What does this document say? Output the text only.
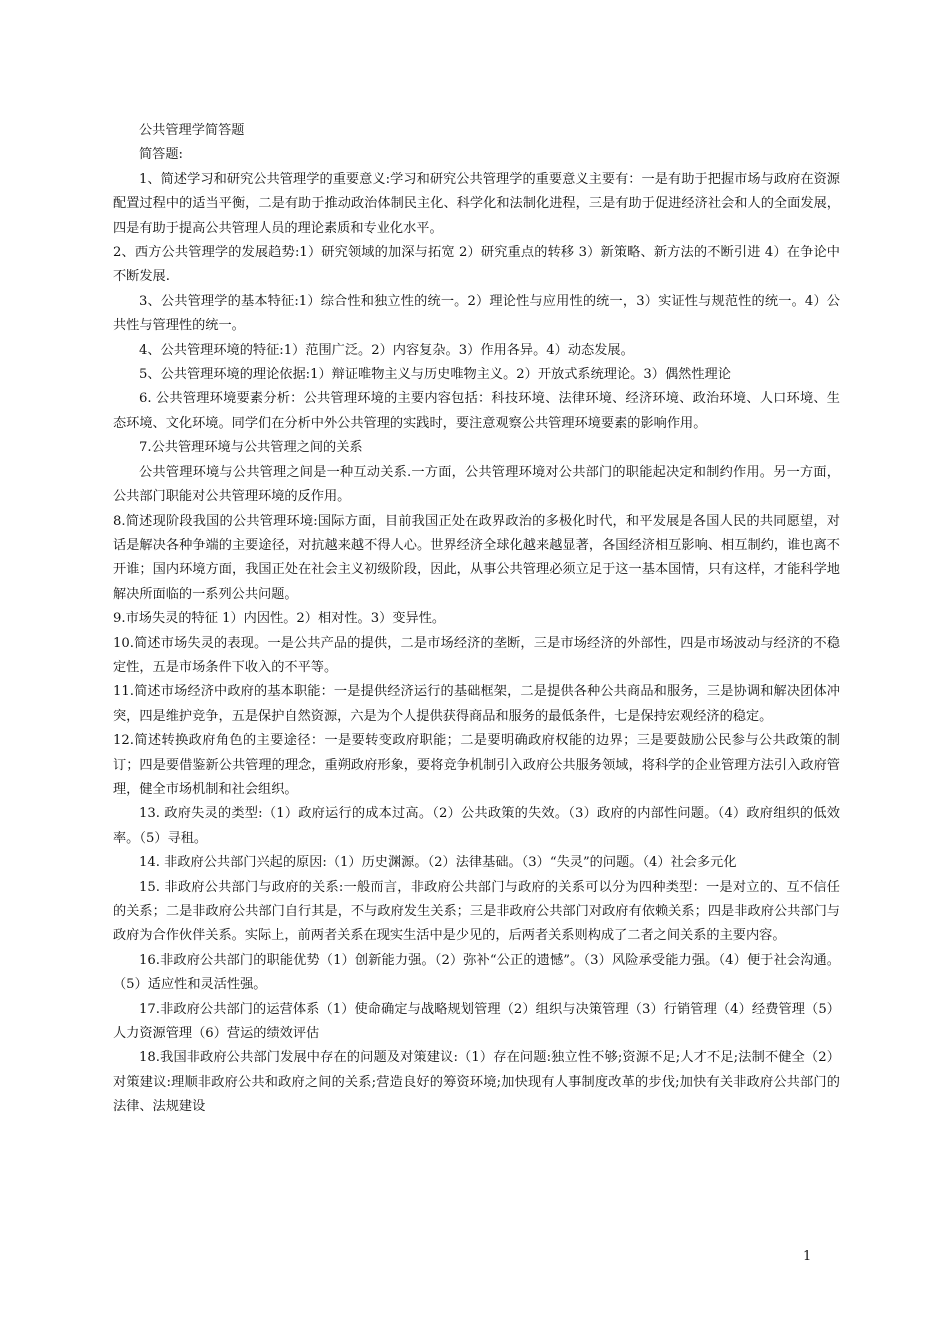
公共管理学简答题

简答题:

1、简述学习和研究公共管理学的重要意义:学习和研究公共管理学的重要意义主要有：一是有助于把握市场与政府在资源配置过程中的适当平衡，二是有助于推动政治体制民主化、科学化和法制化进程，三是有助于促进经济社会和人的全面发展，四是有助于提高公共管理人员的理论素质和专业化水平。

2、西方公共管理学的发展趋势:1）研究领域的加深与拓宽 2）研究重点的转移 3）新策略、新方法的不断引进 4）在争论中不断发展.

3、公共管理学的基本特征:1）综合性和独立性的统一。2）理论性与应用性的统一，3）实证性与规范性的统一。4）公共性与管理性的统一。

4、公共管理环境的特征:1）范围广泛。2）内容复杂。3）作用各异。4）动态发展。

5、公共管理环境的理论依据:1）辩证唯物主义与历史唯物主义。2）开放式系统理论。3）偶然性理论

6. 公共管理环境要素分析：公共管理环境的主要内容包括：科技环境、法律环境、经济环境、政治环境、人口环境、生态环境、文化环境。同学们在分析中外公共管理的实践时，要注意观察公共管理环境要素的影响作用。

7.公共管理环境与公共管理之间的关系

公共管理环境与公共管理之间是一种互动关系.一方面，公共管理环境对公共部门的职能起决定和制约作用。另一方面，公共部门职能对公共管理环境的反作用。

8.简述现阶段我国的公共管理环境:国际方面，目前我国正处在政界政治的多极化时代，和平发展是各国人民的共同愿望，对话是解决各种争端的主要途径，对抗越来越不得人心。世界经济全球化越来越显著，各国经济相互影响、相互制约，谁也离不开谁；国内环境方面，我国正处在社会主义初级阶段，因此，从事公共管理必须立足于这一基本国情，只有这样，才能科学地解决所面临的一系列公共问题。

9.市场失灵的特征 1）内因性。2）相对性。3）变异性。

10.简述市场失灵的表现。一是公共产品的提供，二是市场经济的垄断，三是市场经济的外部性，四是市场波动与经济的不稳定性，五是市场条件下收入的不平等。

11.简述市场经济中政府的基本职能：一是提供经济运行的基础框架，二是提供各种公共商品和服务，三是协调和解决团体冲突，四是维护竞争，五是保护自然资源，六是为个人提供获得商品和服务的最低条件，七是保持宏观经济的稳定。

12.简述转换政府角色的主要途径：一是要转变政府职能；二是要明确政府权能的边界；三是要鼓励公民参与公共政策的制订；四是要借鉴新公共管理的理念，重朔政府形象，要将竞争机制引入政府公共服务领域，将科学的企业管理方法引入政府管理，健全市场机制和社会组织。

13. 政府失灵的类型:（1）政府运行的成本过高。（2）公共政策的失效。（3）政府的内部性问题。（4）政府组织的低效率。（5）寻租。

14. 非政府公共部门兴起的原因:（1）历史渊源。（2）法律基础。（3）“失灵”的问题。（4）社会多元化

15. 非政府公共部门与政府的关系:一般而言，非政府公共部门与政府的关系可以分为四种类型：一是对立的、互不信任的关系；二是非政府公共部门自行其是，不与政府发生关系；三是非政府公共部门对政府有依赖关系；四是非政府公共部门与政府为合作伙伴关系。实际上，前两者关系在现实生活中是少见的，后两者关系则构成了二者之间关系的主要内容。

16.非政府公共部门的职能优势（1）创新能力强。（2）弥补“公正的遗憾”。（3）风险承受能力强。（4）便于社会沟通。（5）适应性和灵活性强。

17.非政府公共部门的运营体系（1）使命确定与战略规划管理（2）组织与决策管理（3）行销管理（4）经费管理（5）人力资源管理（6）营运的绩效评估

18.我国非政府公共部门发展中存在的问题及对策建议:（1）存在问题:独立性不够;资源不足;人才不足;法制不健全（2）对策建议:理顺非政府公共和政府之间的关系;营造良好的筹资环境;加快现有人事制度改革的步伐;加快有关非政府公共部门的法律、法规建设

1
